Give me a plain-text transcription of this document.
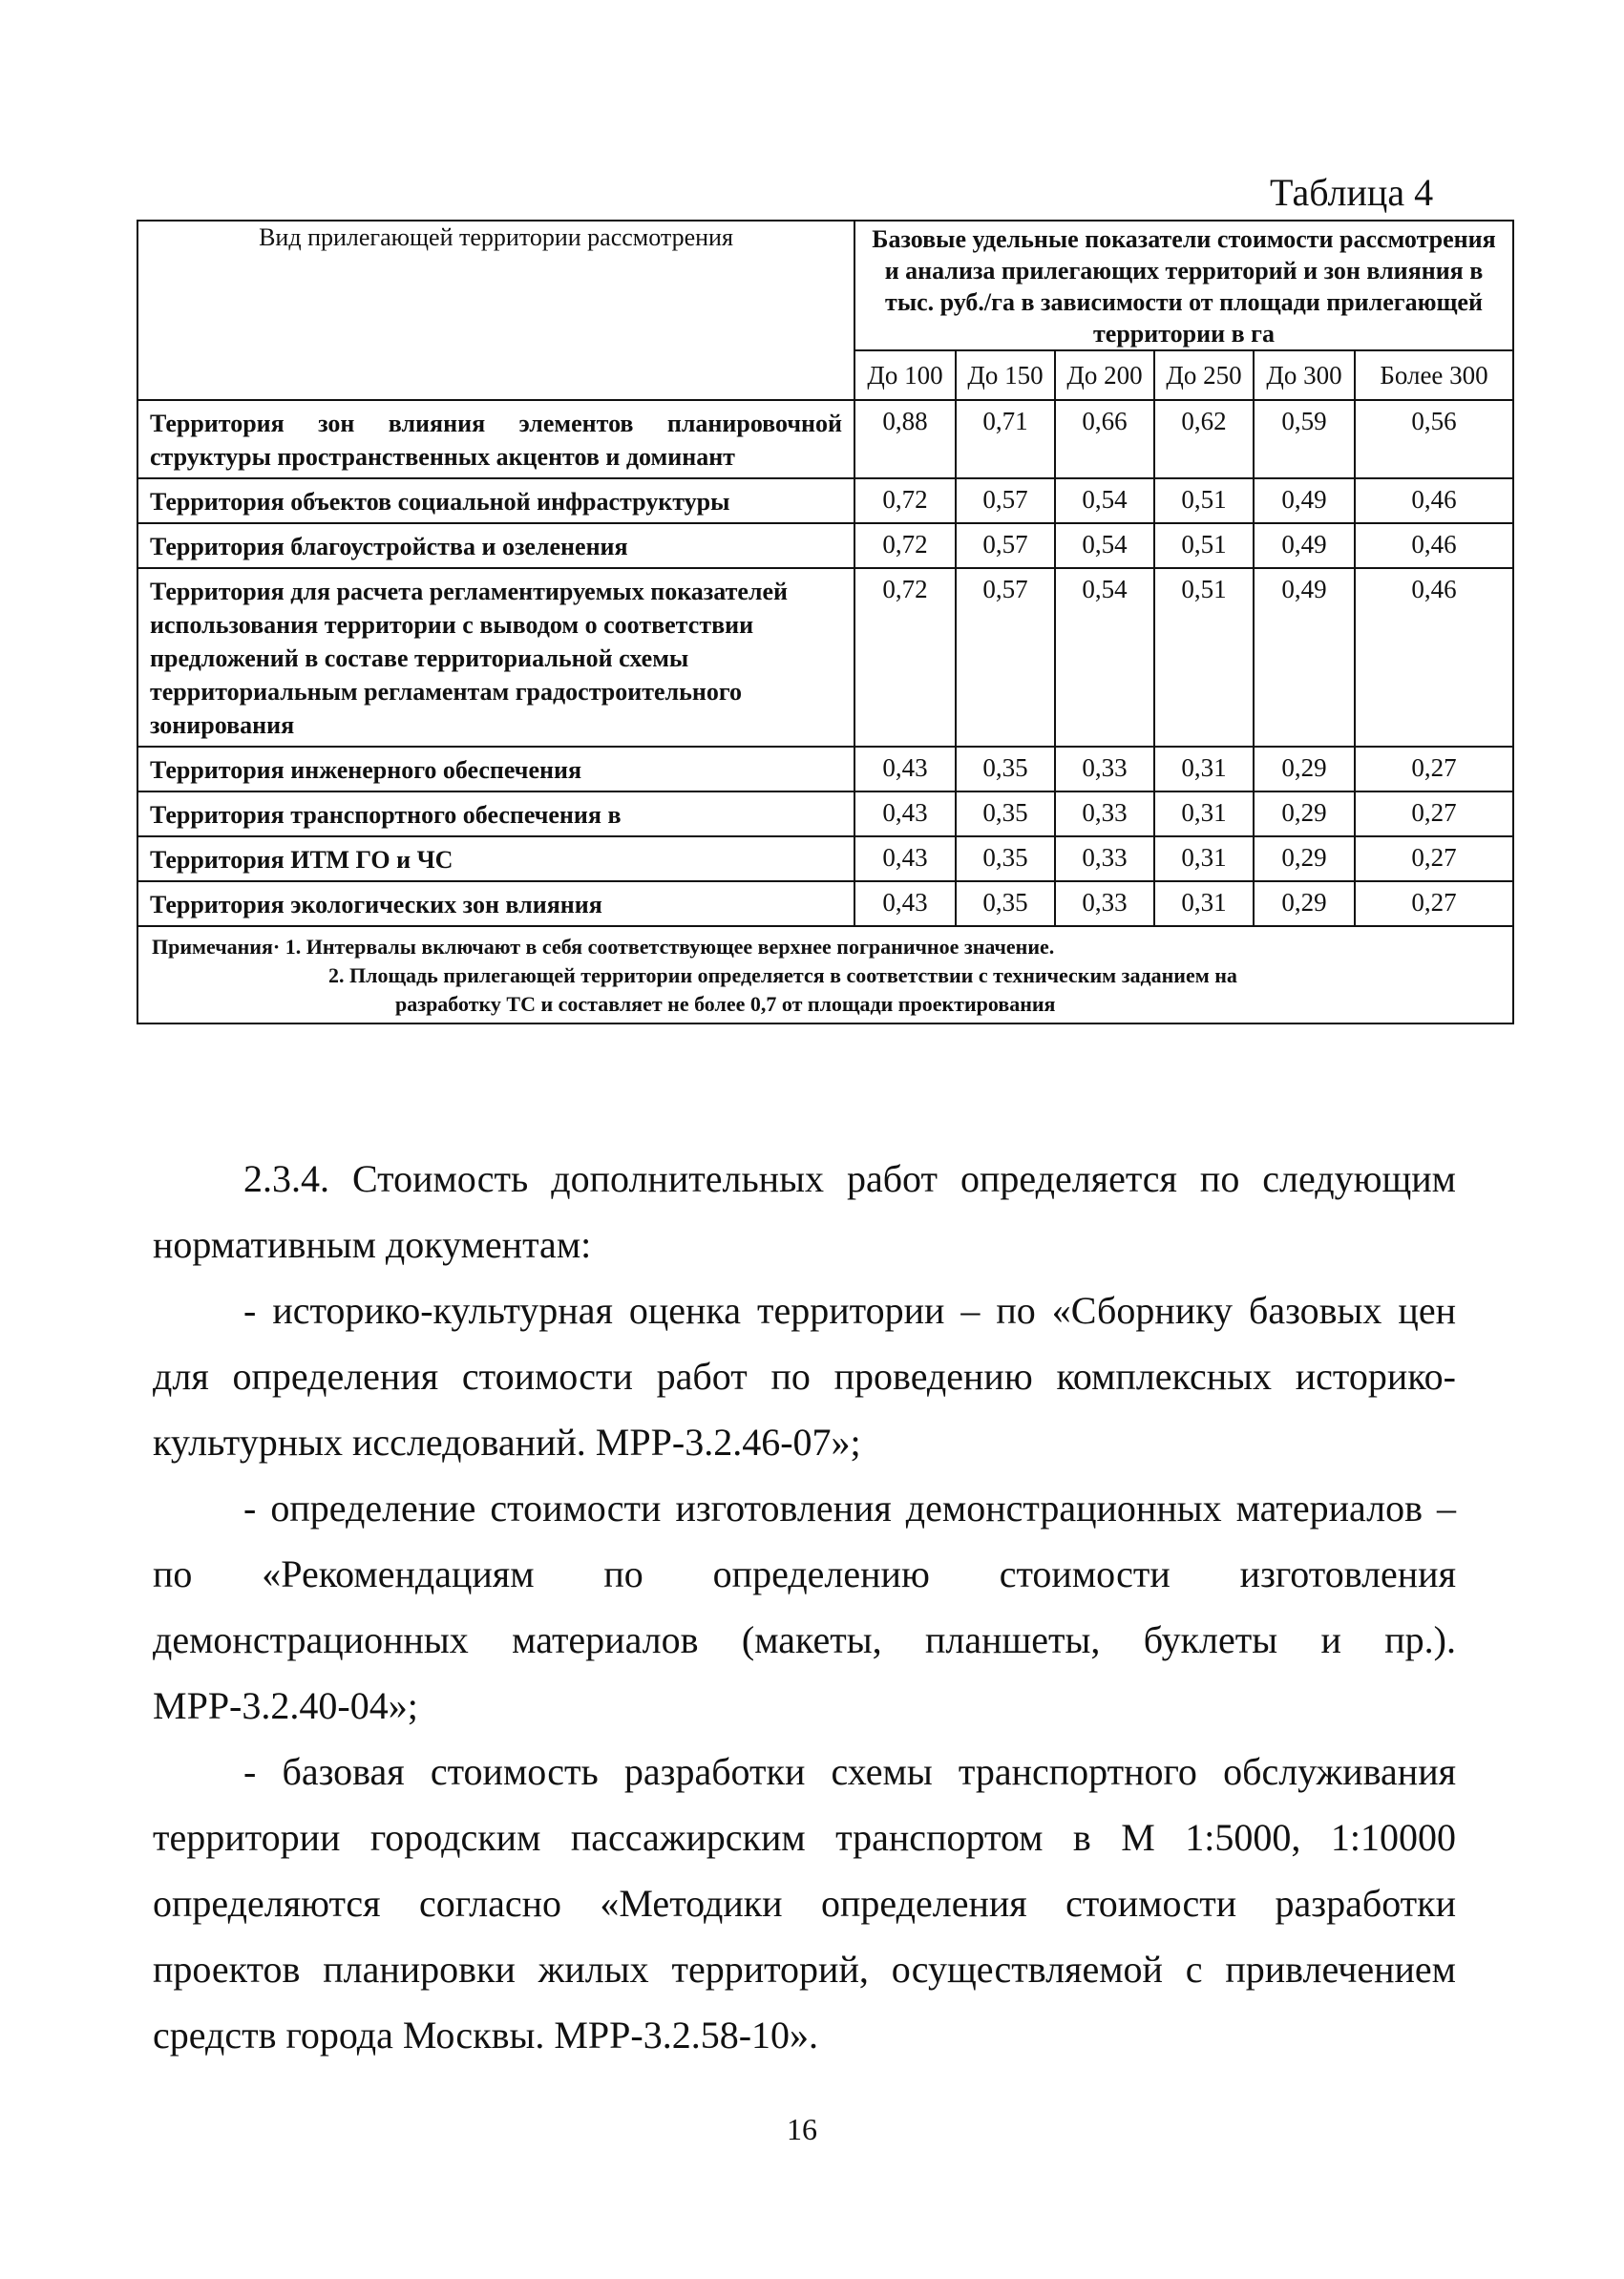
Таблица 4
Вид прилегающей территории рассмотрения	Базовые удельные показатели стоимости рассмотрения и анализа прилегающих территорий и зон влияния в тыс. руб./га в зависимости от площади прилегающей территории в га					
	До 100	До 150	До 200	До 250	До 300	Более 300
Территория зон влияния элементов планировочной структуры пространственных акцентов и доминант	0,88	0,71	0,66	0,62	0,59	0,56
Территория объектов социальной инфраструктуры	0,72	0,57	0,54	0,51	0,49	0,46
Территория благоустройства и озеленения	0,72	0,57	0,54	0,51	0,49	0,46
Территория для расчета регламентируемых показателей использования территории с выводом о соответствии предложений в составе территориальной схемы территориальным регламентам градостроительного зонирования	0,72	0,57	0,54	0,51	0,49	0,46
Территория инженерного обеспечения	0,43	0,35	0,33	0,31	0,29	0,27
Территория транспортного обеспечения в	0,43	0,35	0,33	0,31	0,29	0,27
Территория ИТМ ГО и ЧС	0,43	0,35	0,33	0,31	0,29	0,27
Территория экологических зон влияния	0,43	0,35	0,33	0,31	0,29	0,27

Примечания· 1. Интервалы включают в себя соответствующее верхнее пограничное значение.
2. Площадь прилегающей территории определяется в соответствии с техническим заданием на
разработку ТС и составляет не более 0,7 от площади проектирования						

2.3.4. Стоимость дополнительных работ определяется по следующим

нормативным документам:

- историко-культурная оценка территории – по «Сборнику базовых цен для определения стоимости работ по проведению комплексных историко-культурных исследований. МРР-3.2.46-07»;

- определение стоимости изготовления демонстрационных материалов – по «Рекомендациям по определению стоимости изготовления демонстрационных материалов (макеты, планшеты, буклеты и пр.). МРР-3.2.40-04»;

- базовая стоимость разработки схемы транспортного обслуживания территории городским пассажирским транспортом в М 1:5000, 1:10000 определяются согласно «Методики определения стоимости разработки проектов планировки жилых территорий, осуществляемой с привлечением средств города Москвы. МРР-3.2.58-10».

16
